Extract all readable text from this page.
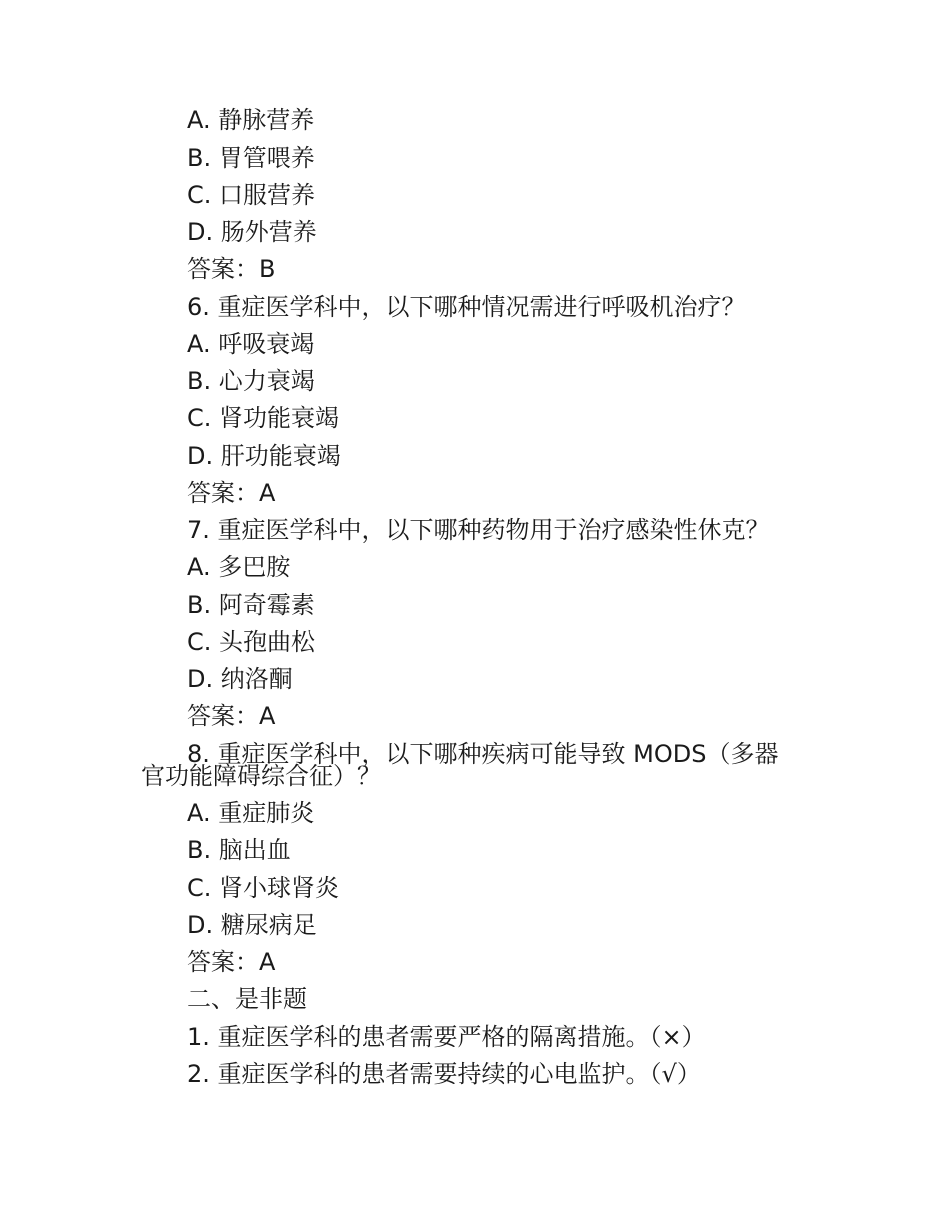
A. 静脉营养
B. 胃管喂养
C. 口服营养
D. 肠外营养
答案：B
6. 重症医学科中，以下哪种情况需进行呼吸机治疗？
A. 呼吸衰竭
B. 心力衰竭
C. 肾功能衰竭
D. 肝功能衰竭
答案：A
7. 重症医学科中，以下哪种药物用于治疗感染性休克？
A. 多巴胺
B. 阿奇霉素
C. 头孢曲松
D. 纳洛酮
答案：A
8. 重症医学科中，以下哪种疾病可能导致 MODS（多器
官功能障碍综合征）？
A. 重症肺炎
B. 脑出血
C. 肾小球肾炎
D. 糖尿病足
答案：A
二、是非题
1. 重症医学科的患者需要严格的隔离措施。（×）
2. 重症医学科的患者需要持续的心电监护。（√）
